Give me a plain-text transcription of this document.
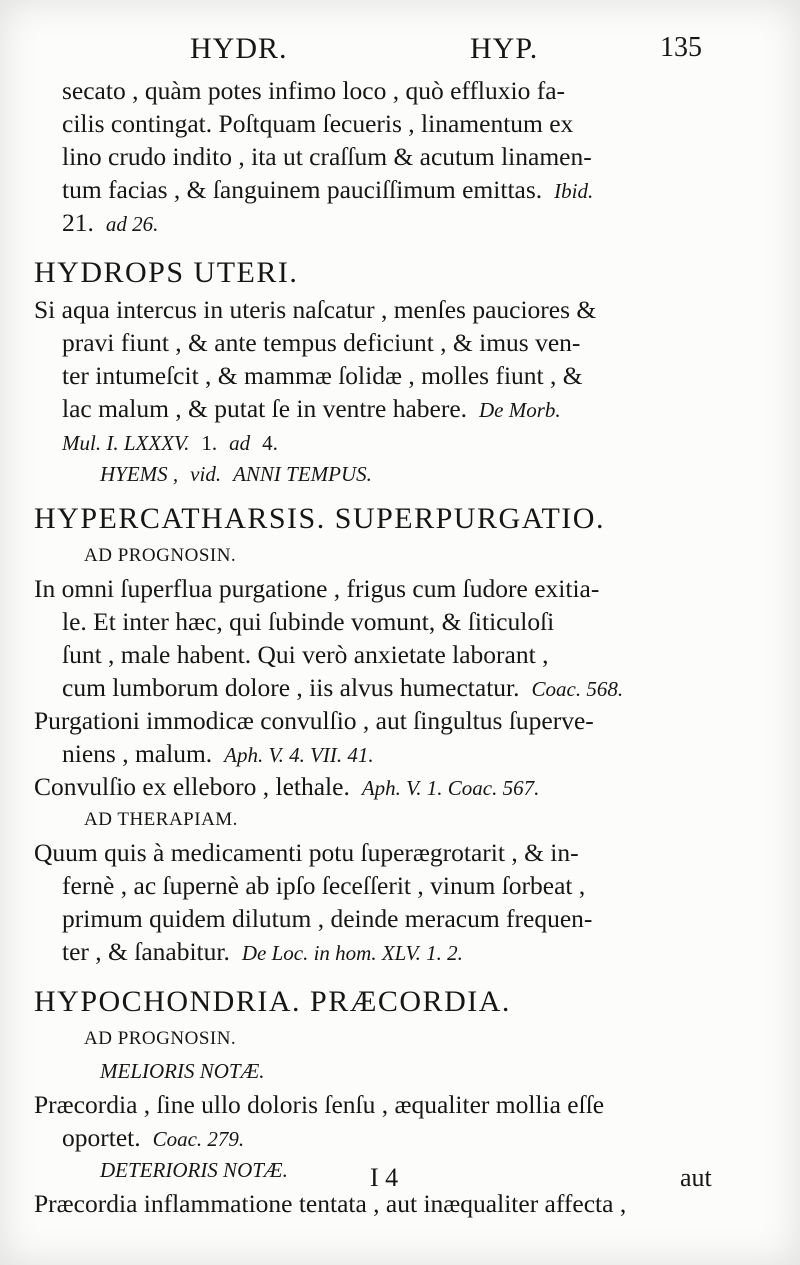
HYDR.	HYP.	135
secato , quàm potes infimo loco , quò effluxio fa-
cilis contingat. Poſtquam ſecueris , linamentum ex
lino crudo indito , ita ut craſſum & acutum linamen-
tum facias , & ſanguinem pauciſſimum emittas. Ibid.
21. ad 26.
HYDROPS UTERI.
Si aqua intercus in uteris naſcatur , menſes pauciores &
pravi fiunt , & ante tempus deficiunt , & imus ven-
ter intumeſcit , & mammæ ſolidæ , molles fiunt , &
lac malum , & putat ſe in ventre habere. De Morb.
Mul. I. LXXXV. 1. ad 4.
HYEMS , vid. ANNI TEMPUS.
HYPERCATHARSIS. SUPERPURGATIO.
AD PROGNOSIN.
In omni ſuperflua purgatione , frigus cum ſudore exitia-
le. Et inter hæc, qui ſubinde vomunt, & ſiticuloſi
ſunt , male habent. Qui verò anxietate laborant ,
cum lumborum dolore , iis alvus humectatur. Coac. 568.
Purgationi immodicæ convulſio , aut ſingultus ſuperve-
niens , malum. Aph. V. 4. VII. 41.
Convulſio ex elleboro , lethale. Aph. V. 1. Coac. 567.
AD THERAPIAM.
Quum quis à medicamenti potu ſuperægrotarit , & in-
fernè , ac ſupernè ab ipſo ſeceſſerit , vinum ſorbeat ,
primum quidem dilutum , deinde meracum frequen-
ter , & ſanabitur. De Loc. in hom. XLV. 1. 2.
HYPOCHONDRIA. PRÆCORDIA.
AD PROGNOSIN.
MELIORIS NOTÆ.
Præcordia , ſine ullo doloris ſenſu , æqualiter mollia eſſe
oportet. Coac. 279.
DETERIORIS NOTÆ.
Præcordia inflammatione tentata , aut inæqualiter affecta ,
I 4	aut
